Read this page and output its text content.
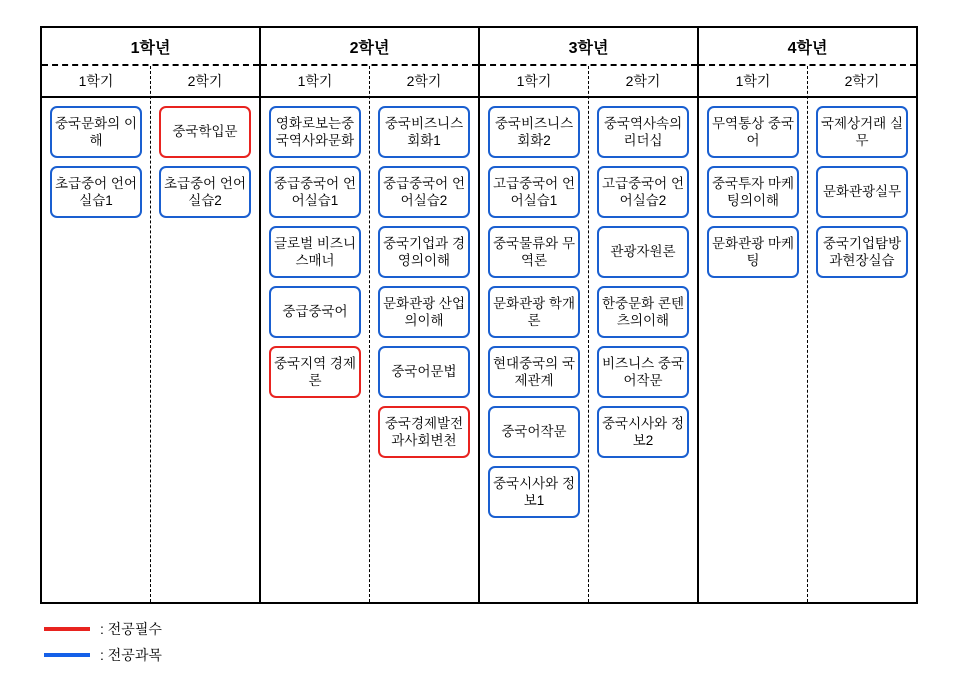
1학년
1학기
중국문화의 이해
초급중어 언어실습1
2학기
중국학입문
초급중어 언어실습2
2학년
1학기
영화로보는중국역사와문화
중급중국어 언어실습1
글로벌 비즈니스매너
중급중국어
중국지역 경제론
2학기
중국비즈니스 회화1
중급중국어 언어실습2
중국기업과 경영의이해
문화관광 산업의이해
중국어문법
중국경제발전과사회변천
3학년
1학기
중국비즈니스 회화2
고급중국어 언어실습1
중국물류와 무역론
문화관광 학개론
현대중국의 국제관계
중국어작문
중국시사와 정보1
2학기
중국역사속의 리더십
고급중국어 언어실습2
관광자원론
한중문화 콘텐츠의이해
비즈니스 중국어작문
중국시사와 정보2
4학년
1학기
무역통상 중국어
중국투자 마케팅의이해
문화관광 마케팅
2학기
국제상거래 실무
문화관광실무
중국기업탐방 과현장실습
: 전공필수
: 전공과목
